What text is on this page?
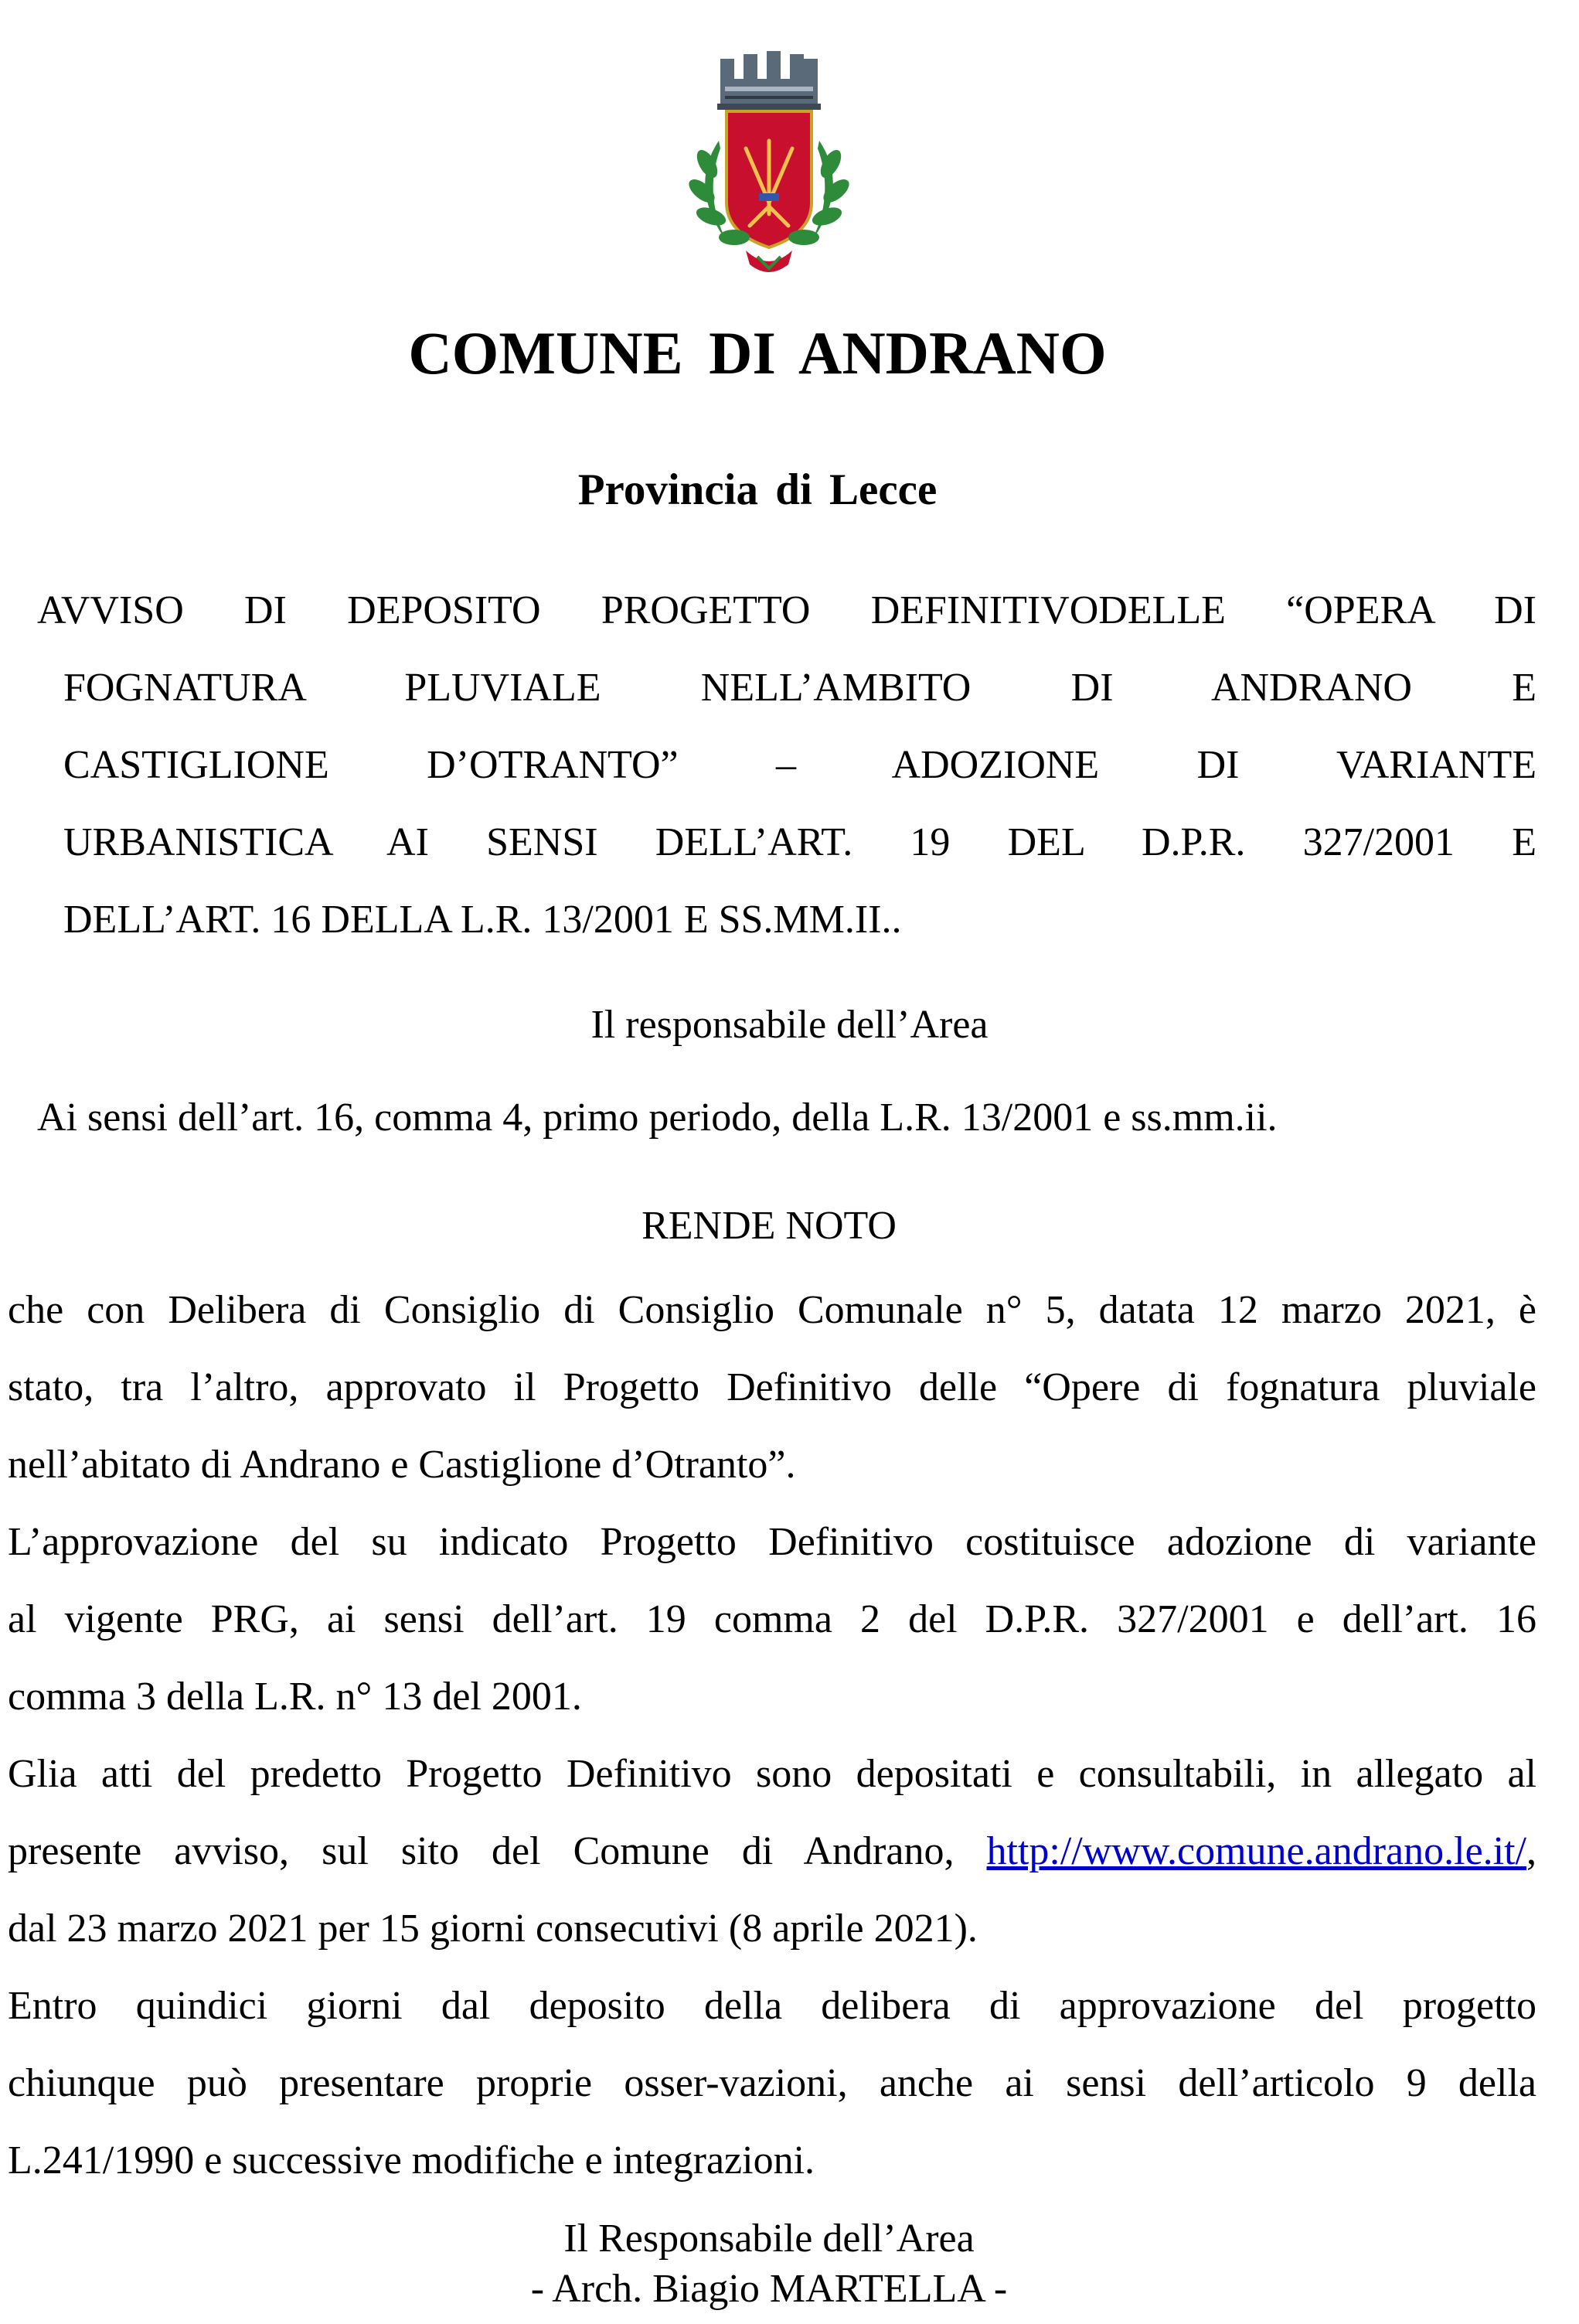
COMUNE DI ANDRANO
Provincia di Lecce
AVVISO DI DEPOSITO PROGETTO DEFINITIVODELLE “OPERA DI
FOGNATURA PLUVIALE NELL’AMBITO DI ANDRANO E
CASTIGLIONE D’OTRANTO” – ADOZIONE DI VARIANTE
URBANISTICA AI SENSI DELL’ART. 19 DEL D.P.R. 327/2001 E
DELL’ART. 16 DELLA L.R. 13/2001 E SS.MM.II..
Il responsabile dell’Area
Ai sensi dell’art. 16, comma 4, primo periodo, della L.R. 13/2001 e ss.mm.ii.
RENDE NOTO
che con Delibera di Consiglio di Consiglio Comunale n° 5, datata 12 marzo 2021, è
stato, tra l’altro, approvato il Progetto Definitivo delle “Opere di fognatura pluviale
nell’abitato di Andrano e Castiglione d’Otranto”.
L’approvazione del su indicato Progetto Definitivo costituisce adozione di variante
al vigente PRG, ai sensi dell’art. 19 comma 2 del D.P.R. 327/2001 e dell’art. 16
comma 3 della L.R. n° 13 del 2001.
Glia atti del predetto Progetto Definitivo sono depositati e consultabili, in allegato al
presente avviso, sul sito del Comune di Andrano, http://www.comune.andrano.le.it/,
dal 23 marzo 2021 per 15 giorni consecutivi (8 aprile 2021).
Entro quindici giorni dal deposito della delibera di approvazione del progetto
chiunque può presentare proprie osser-vazioni, anche ai sensi dell’articolo 9 della
L.241/1990 e successive modifiche e integrazioni.
Il Responsabile dell’Area
- Arch. Biagio MARTELLA -
